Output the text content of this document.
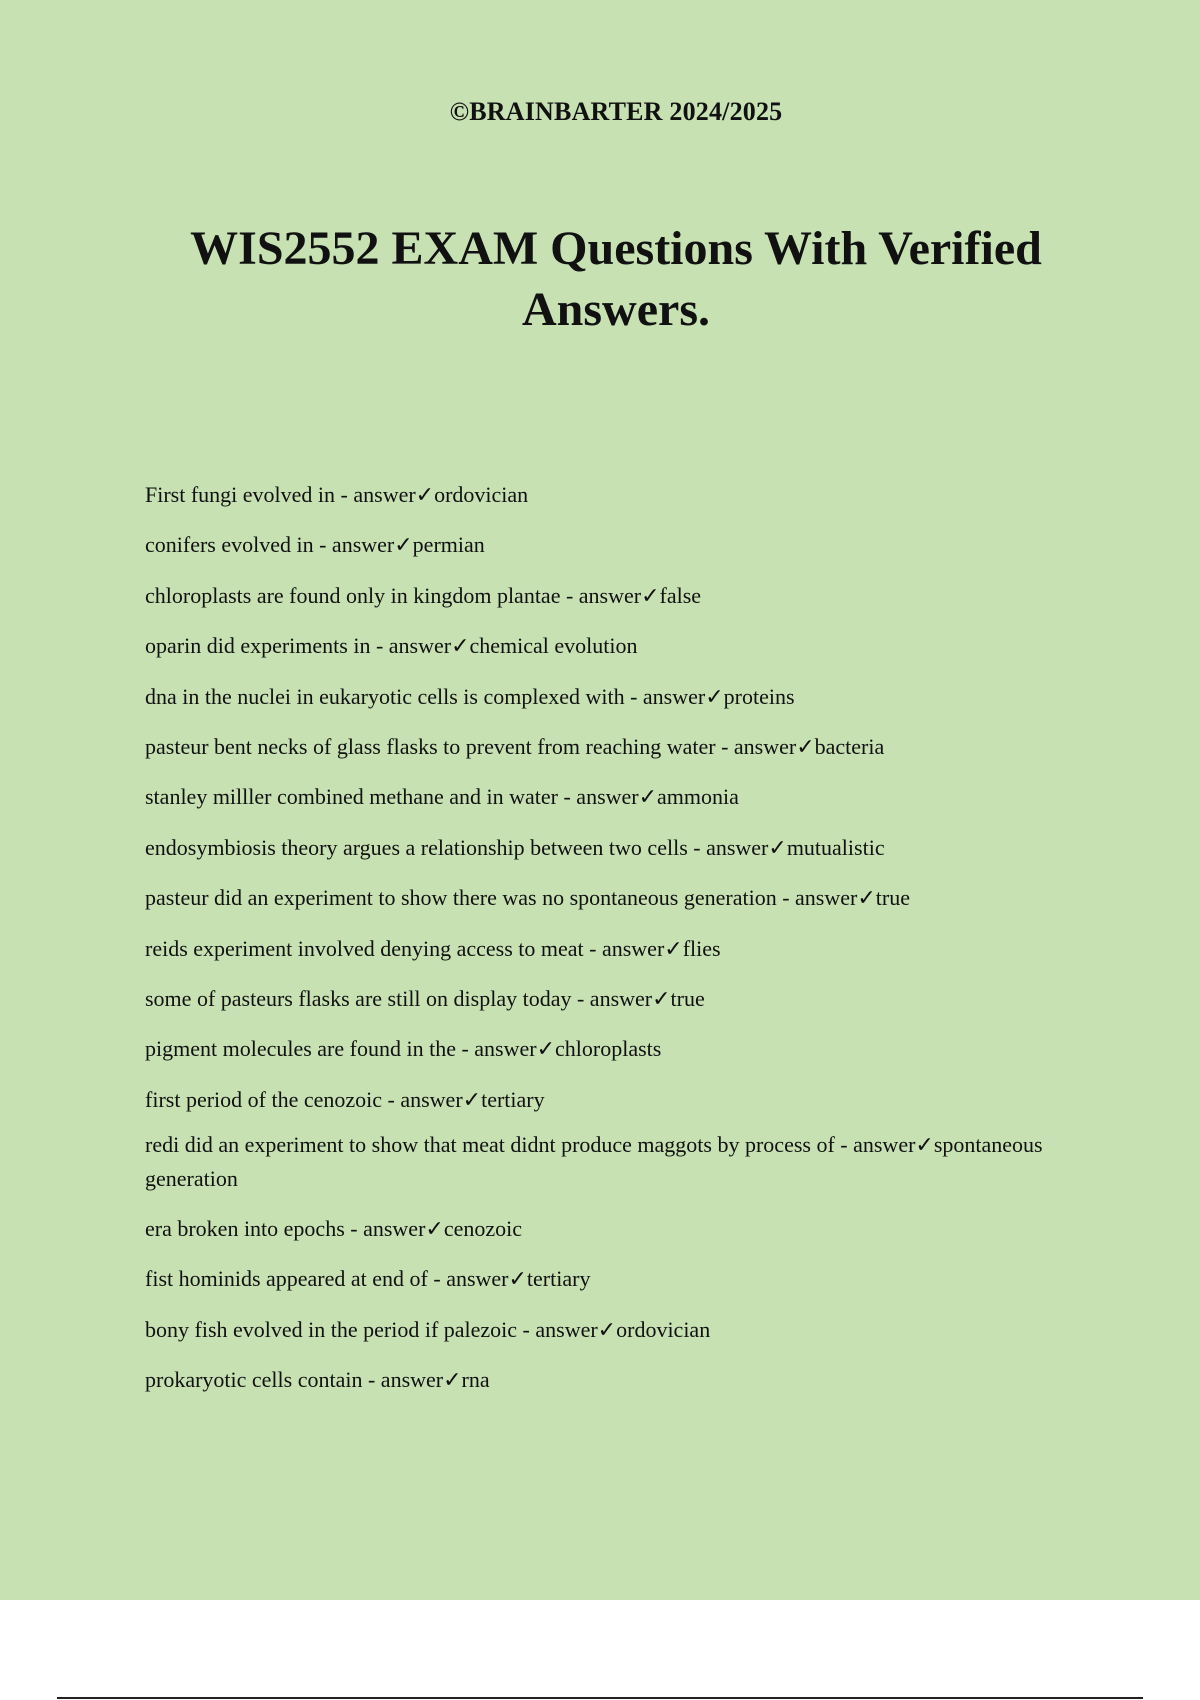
©BRAINBARTER 2024/2025
WIS2552 EXAM Questions With Verified Answers.
First fungi evolved in - answer✓ordovician
conifers evolved in - answer✓permian
chloroplasts are found only in kingdom plantae - answer✓false
oparin did experiments in - answer✓chemical evolution
dna in the nuclei in eukaryotic cells is complexed with - answer✓proteins
pasteur bent necks of glass flasks to prevent from reaching water - answer✓bacteria
stanley milller combined methane and in water - answer✓ammonia
endosymbiosis theory argues a relationship between two cells - answer✓mutualistic
pasteur did an experiment to show there was no spontaneous generation - answer✓true
reids experiment involved denying access to meat - answer✓flies
some of pasteurs flasks are still on display today - answer✓true
pigment molecules are found in the - answer✓chloroplasts
first period of the cenozoic - answer✓tertiary
redi did an experiment to show that meat didnt produce maggots by process of - answer✓spontaneous generation
era broken into epochs - answer✓cenozoic
fist hominids appeared at end of - answer✓tertiary
bony fish evolved in the period if palezoic - answer✓ordovician
prokaryotic cells contain - answer✓rna
